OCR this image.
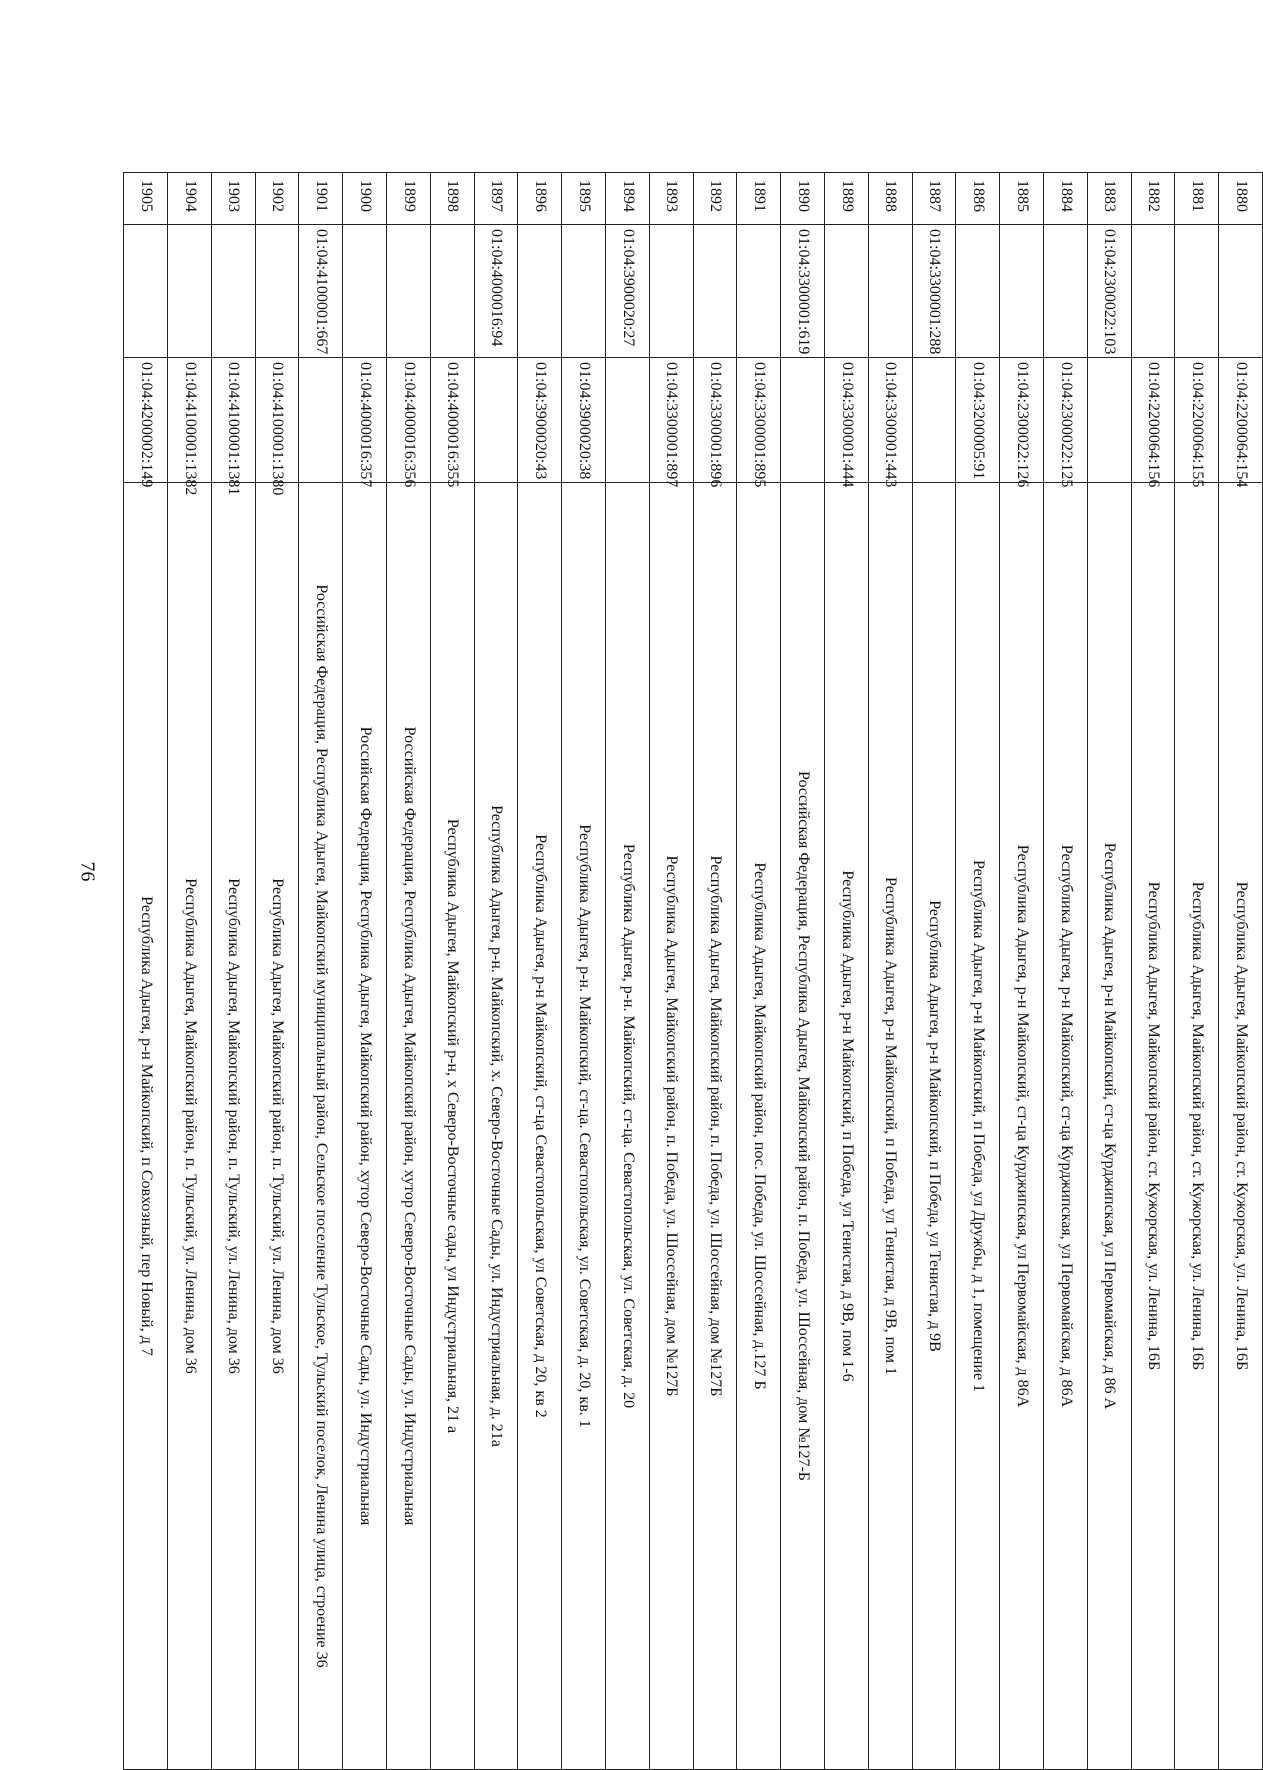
76
1880		01:04:2200064:154	Республика Адыгея, Майкопский район, ст. Кужорская, ул. Ленина, 16Б
1881		01:04:2200064:155	Республика Адыгея, Майкопский район, ст. Кужорская, ул. Ленина, 16Б
1882		01:04:2200064:156	Республика Адыгея, Майкопский район, ст. Кужорская, ул. Ленина, 16Б
1883	01:04:2300022:103		Республика Адыгея, р-н Майкопский, ст-ца Курджипская, ул Первомайская, д 86 А
1884		01:04:2300022:125	Республика Адыгея, р-н Майкопский, ст-ца Курджипская, ул Первомайская, д 86А
1885		01:04:2300022:126	Республика Адыгея, р-н Майкопский, ст-ца Курджипская, ул Первомайская, д 86А
1886		01:04:3200005:91	Республика Адыгея, р-н Майкопский, п Победа, ул Дружбы, д 1, помещение 1
1887	01:04:3300001:288		Республика Адыгея, р-н Майкопский, п Победа, ул Тенистая, д 9В
1888		01:04:3300001:443	Республика Адыгея, р-н Майкопский, п Победа, ул Тенистая, д 9В, пом 1
1889		01:04:3300001:444	Республика Адыгея, р-н Майкопский, п Победа, ул Тенистая, д 9В, пом 1-6
1890	01:04:3300001:619		Российская Федерация, Республика Адыгея, Майкопский район, п. Победа, ул. Шоссейная, дом №127-Б
1891		01:04:3300001:895	Республика Адыгея, Майкопский район, пос. Победа, ул. Шоссейная, д.127 Б
1892		01:04:3300001:896	Республика Адыгея, Майкопский район, п. Победа, ул. Шоссейная, дом №127Б
1893		01:04:3300001:897	Республика Адыгея, Майкопский район, п. Победа, ул. Шоссейная, дом №127Б
1894	01:04:3900020:27		Республика Адыгея, р-н. Майкопский, ст-ца. Севастопольская, ул. Советская, д. 20
1895		01:04:3900020:38	Республика Адыгея, р-н. Майкопский, ст-ца. Севастопольская, ул. Советская, д. 20, кв. 1
1896		01:04:3900020:43	Республика Адыгея, р-н Майкопский, ст-ца Севастопольская, ул Советская, д 20, кв 2
1897	01:04:4000016:94		Республика Адыгея, р-н. Майкопский, х. Северо-Восточные Сады, ул. Индустриальная, д. 21а
1898		01:04:4000016:355	Республика Адыгея, Майкопский р-н, х Северо-Восточные сады, ул Индустриальная, 21 а
1899		01:04:4000016:356	Российская Федерация, Республика Адыгея, Майкопский район, хутор Северо-Восточные Сады, ул. Индустриальная
1900		01:04:4000016:357	Российская Федерация, Республика Адыгея, Майкопский район, хутор Северо-Восточные Сады, ул. Индустриальная
1901	01:04:4100001:667		Российская Федерация, Республика Адыгея, Майкопский муниципальный район, Сельское поселение Тульское, Тульский поселок, Ленина улица, строение 36
1902		01:04:4100001:1380	Республика Адыгея, Майкопский район, п. Тульский, ул. Ленина, дом 36
1903		01:04:4100001:1381	Республика Адыгея, Майкопский район, п. Тульский, ул. Ленина, дом 36
1904		01:04:4100001:1382	Республика Адыгея, Майкопский район, п. Тульский, ул. Ленина, дом 36
1905		01:04:4200002:149	Республика Адыгея, р-н Майкопский, п Совхозный, пер Новый, д 7
